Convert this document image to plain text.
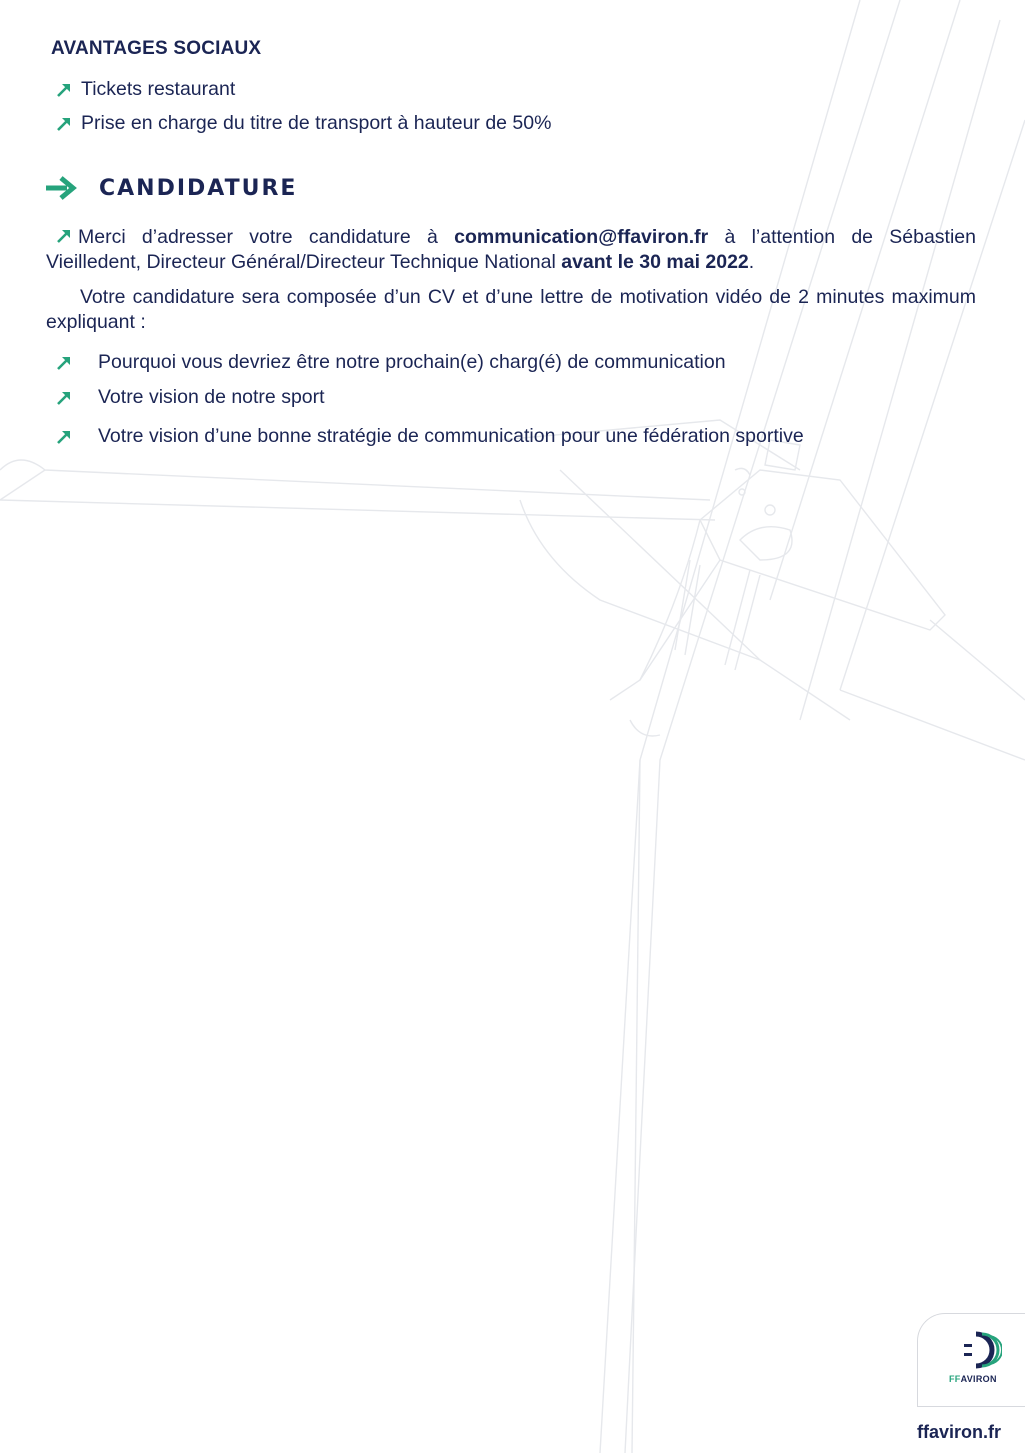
AVANTAGES SOCIAUX
Tickets restaurant
Prise en charge du titre de transport à hauteur de 50%
CANDIDATURE
Merci d’adresser votre candidature à communication@ffaviron.fr à l’attention de Sébastien Vieilledent, Directeur Général/Directeur Technique National avant le 30 mai 2022.
Votre candidature sera composée d’un CV et d’une lettre de motivation vidéo de 2 minutes maximum expliquant :
Pourquoi vous devriez être notre prochain(e) charg(é) de communication
Votre vision de notre sport
Votre vision d’une bonne stratégie de communication pour une fédération sportive
FF AVIRON
ffaviron.fr
